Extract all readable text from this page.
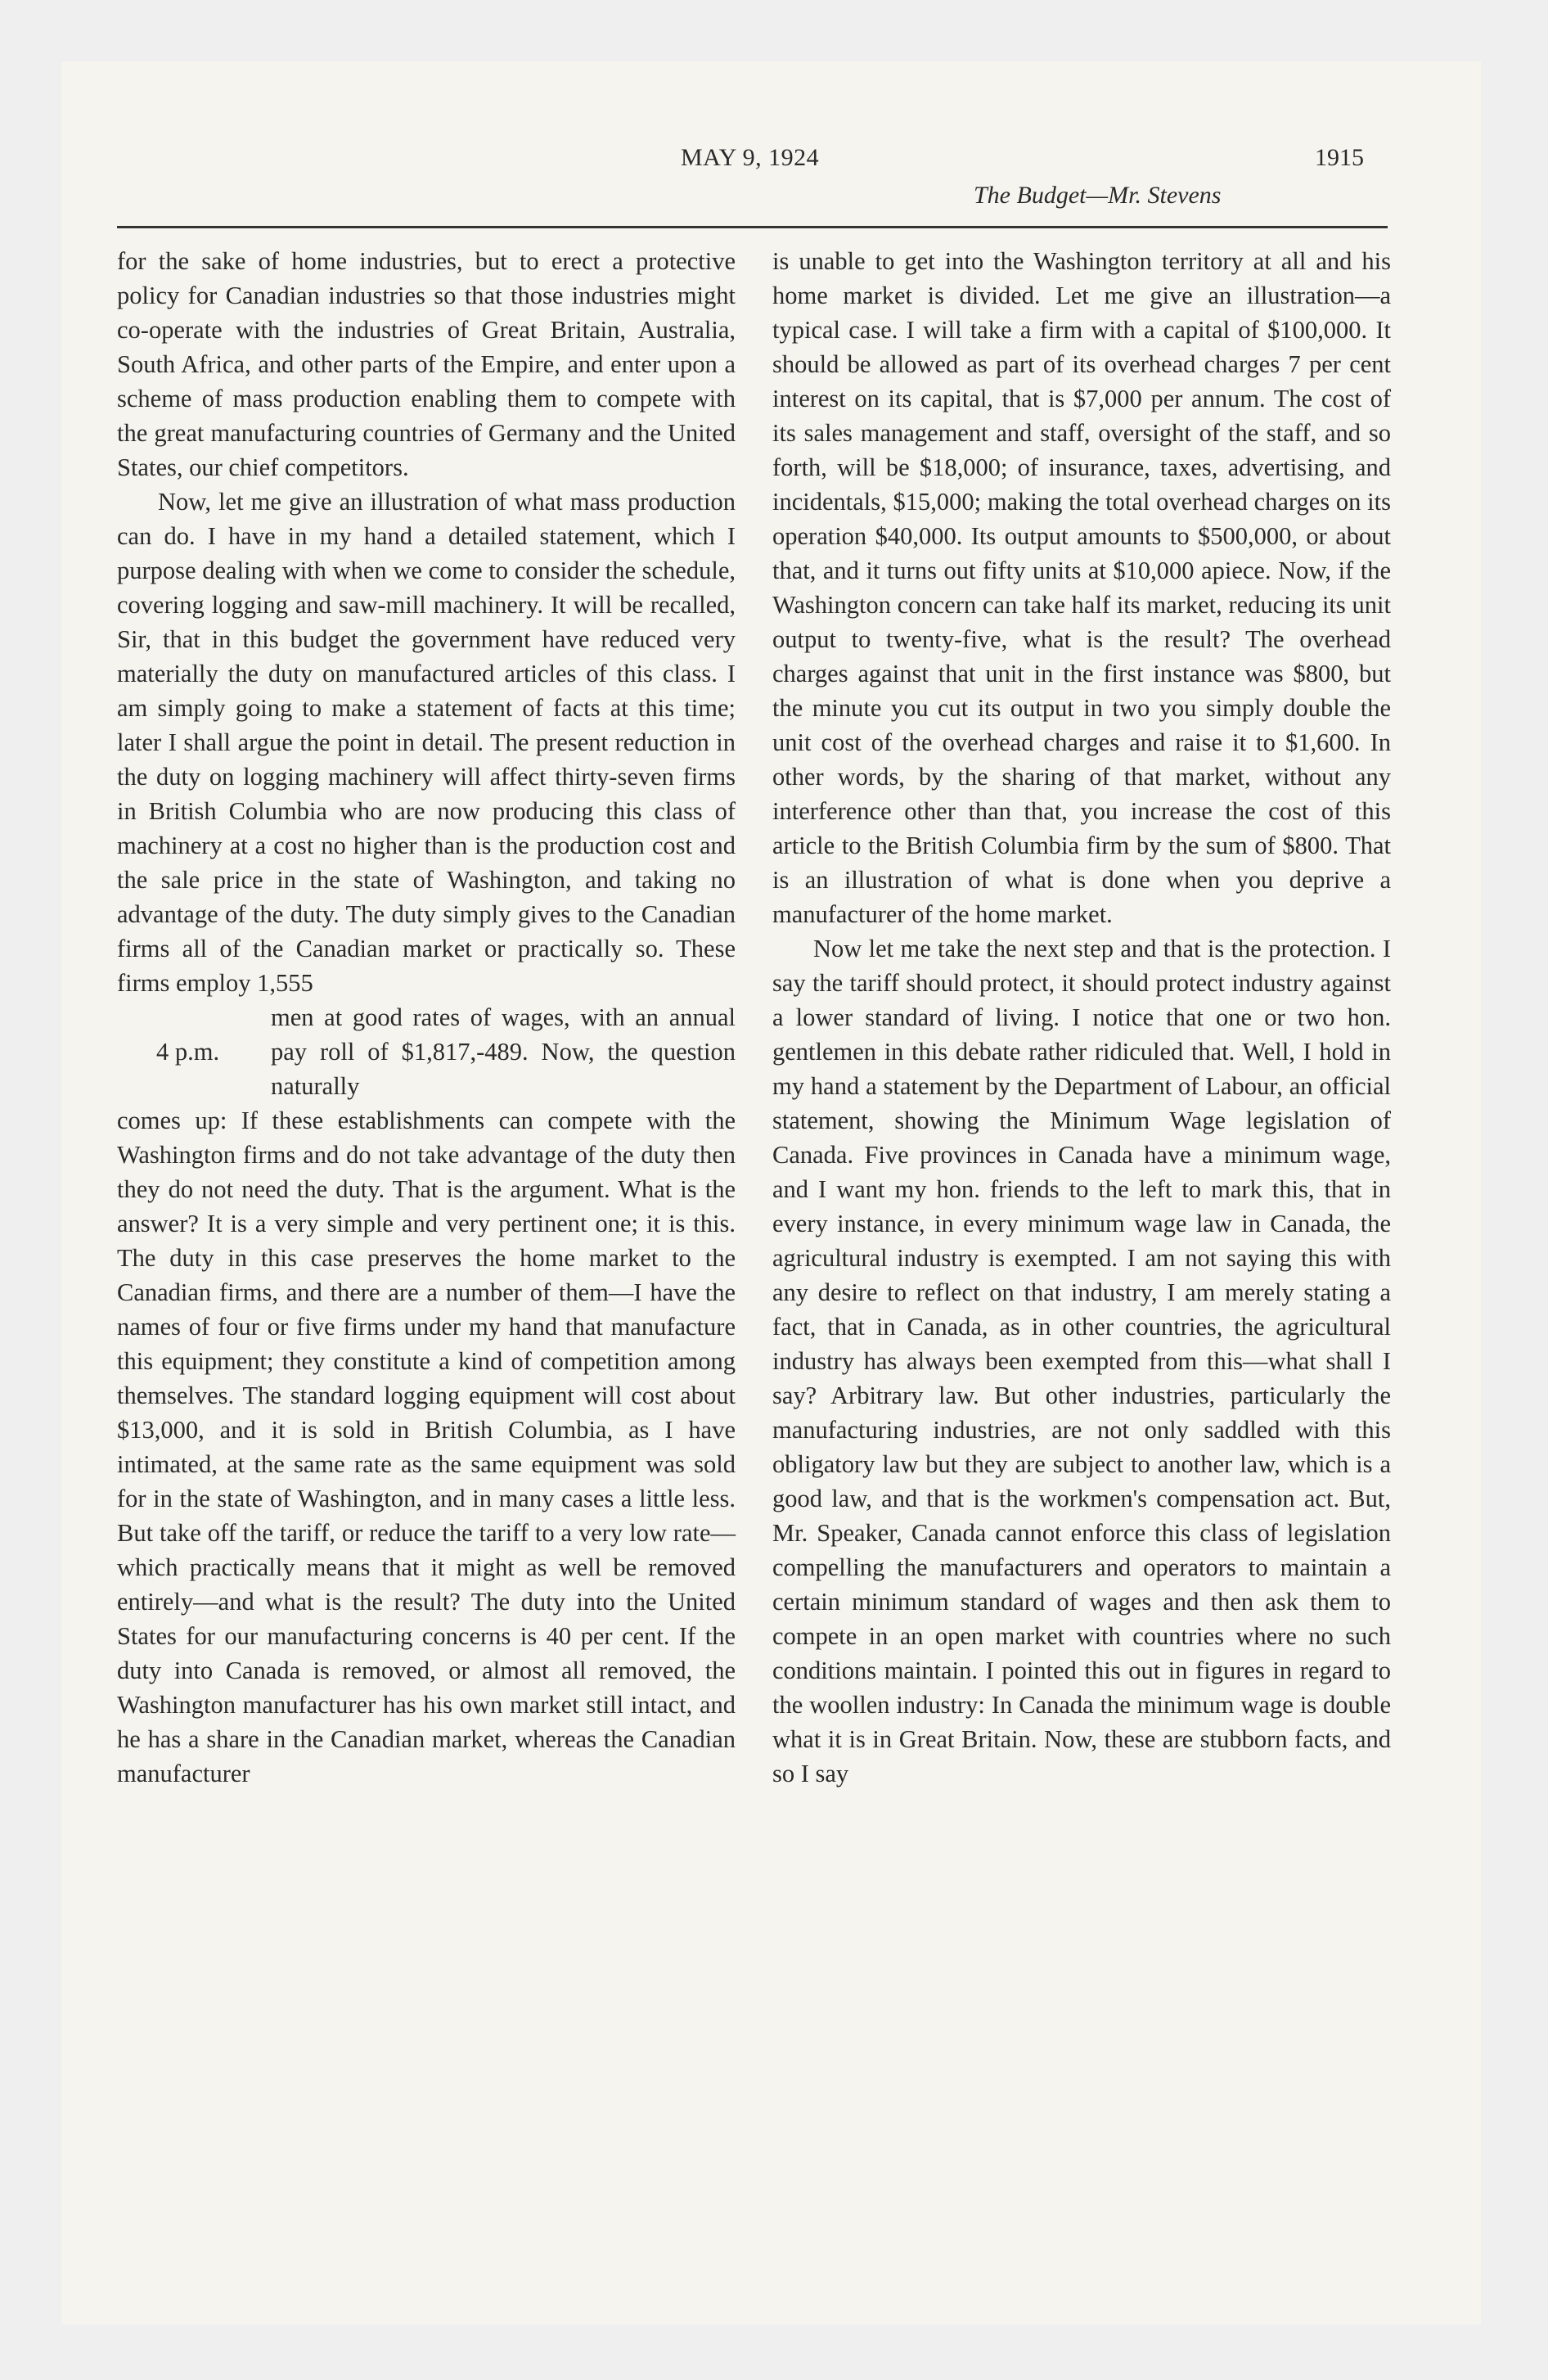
MAY 9, 1924	1915
The Budget—Mr. Stevens

for the sake of home industries, but to erect a protective policy for Canadian industries so that those industries might co-operate with the industries of Great Britain, Australia, South Africa, and other parts of the Empire, and enter upon a scheme of mass production enabling them to compete with the great manufacturing countries of Germany and the United States, our chief competitors.

Now, let me give an illustration of what mass production can do. I have in my hand a detailed statement, which I purpose dealing with when we come to consider the schedule, covering logging and saw-mill machinery. It will be recalled, Sir, that in this budget the government have reduced very materially the duty on manufactured articles of this class. I am simply going to make a statement of facts at this time; later I shall argue the point in detail. The present reduction in the duty on logging machinery will affect thirty-seven firms in British Columbia who are now producing this class of machinery at a cost no higher than is the production cost and the sale price in the state of Washington, and taking no advantage of the duty. The duty simply gives to the Canadian firms all of the Canadian market or practically so. These firms employ 1,555

4 p.m.
men at good rates of wages, with an annual pay roll of $1,817,-489. Now, the question naturally

comes up: If these establishments can compete with the Washington firms and do not take advantage of the duty then they do not need the duty. That is the argument. What is the answer? It is a very simple and very pertinent one; it is this. The duty in this case preserves the home market to the Canadian firms, and there are a number of them—I have the names of four or five firms under my hand that manufacture this equipment; they constitute a kind of competition among themselves. The standard logging equipment will cost about $13,000, and it is sold in British Columbia, as I have intimated, at the same rate as the same equipment was sold for in the state of Washington, and in many cases a little less. But take off the tariff, or reduce the tariff to a very low rate—which practically means that it might as well be removed entirely—and what is the result? The duty into the United States for our manufacturing concerns is 40 per cent. If the duty into Canada is removed, or almost all removed, the Washington manufacturer has his own market still intact, and he has a share in the Canadian market, whereas the Canadian manufacturer

is unable to get into the Washington territory at all and his home market is divided. Let me give an illustration—a typical case. I will take a firm with a capital of $100,000. It should be allowed as part of its overhead charges 7 per cent interest on its capital, that is $7,000 per annum. The cost of its sales management and staff, oversight of the staff, and so forth, will be $18,000; of insurance, taxes, advertising, and incidentals, $15,000; making the total overhead charges on its operation $40,000. Its output amounts to $500,000, or about that, and it turns out fifty units at $10,000 apiece. Now, if the Washington concern can take half its market, reducing its unit output to twenty-five, what is the result? The overhead charges against that unit in the first instance was $800, but the minute you cut its output in two you simply double the unit cost of the overhead charges and raise it to $1,600. In other words, by the sharing of that market, without any interference other than that, you increase the cost of this article to the British Columbia firm by the sum of $800. That is an illustration of what is done when you deprive a manufacturer of the home market.

Now let me take the next step and that is the protection. I say the tariff should protect, it should protect industry against a lower standard of living. I notice that one or two hon. gentlemen in this debate rather ridiculed that. Well, I hold in my hand a statement by the Department of Labour, an official statement, showing the Minimum Wage legislation of Canada. Five provinces in Canada have a minimum wage, and I want my hon. friends to the left to mark this, that in every instance, in every minimum wage law in Canada, the agricultural industry is exempted. I am not saying this with any desire to reflect on that industry, I am merely stating a fact, that in Canada, as in other countries, the agricultural industry has always been exempted from this—what shall I say? Arbitrary law. But other industries, particularly the manufacturing industries, are not only saddled with this obligatory law but they are subject to another law, which is a good law, and that is the workmen's compensation act. But, Mr. Speaker, Canada cannot enforce this class of legislation compelling the manufacturers and operators to maintain a certain minimum standard of wages and then ask them to compete in an open market with countries where no such conditions maintain. I pointed this out in figures in regard to the woollen industry: In Canada the minimum wage is double what it is in Great Britain. Now, these are stubborn facts, and so I say
